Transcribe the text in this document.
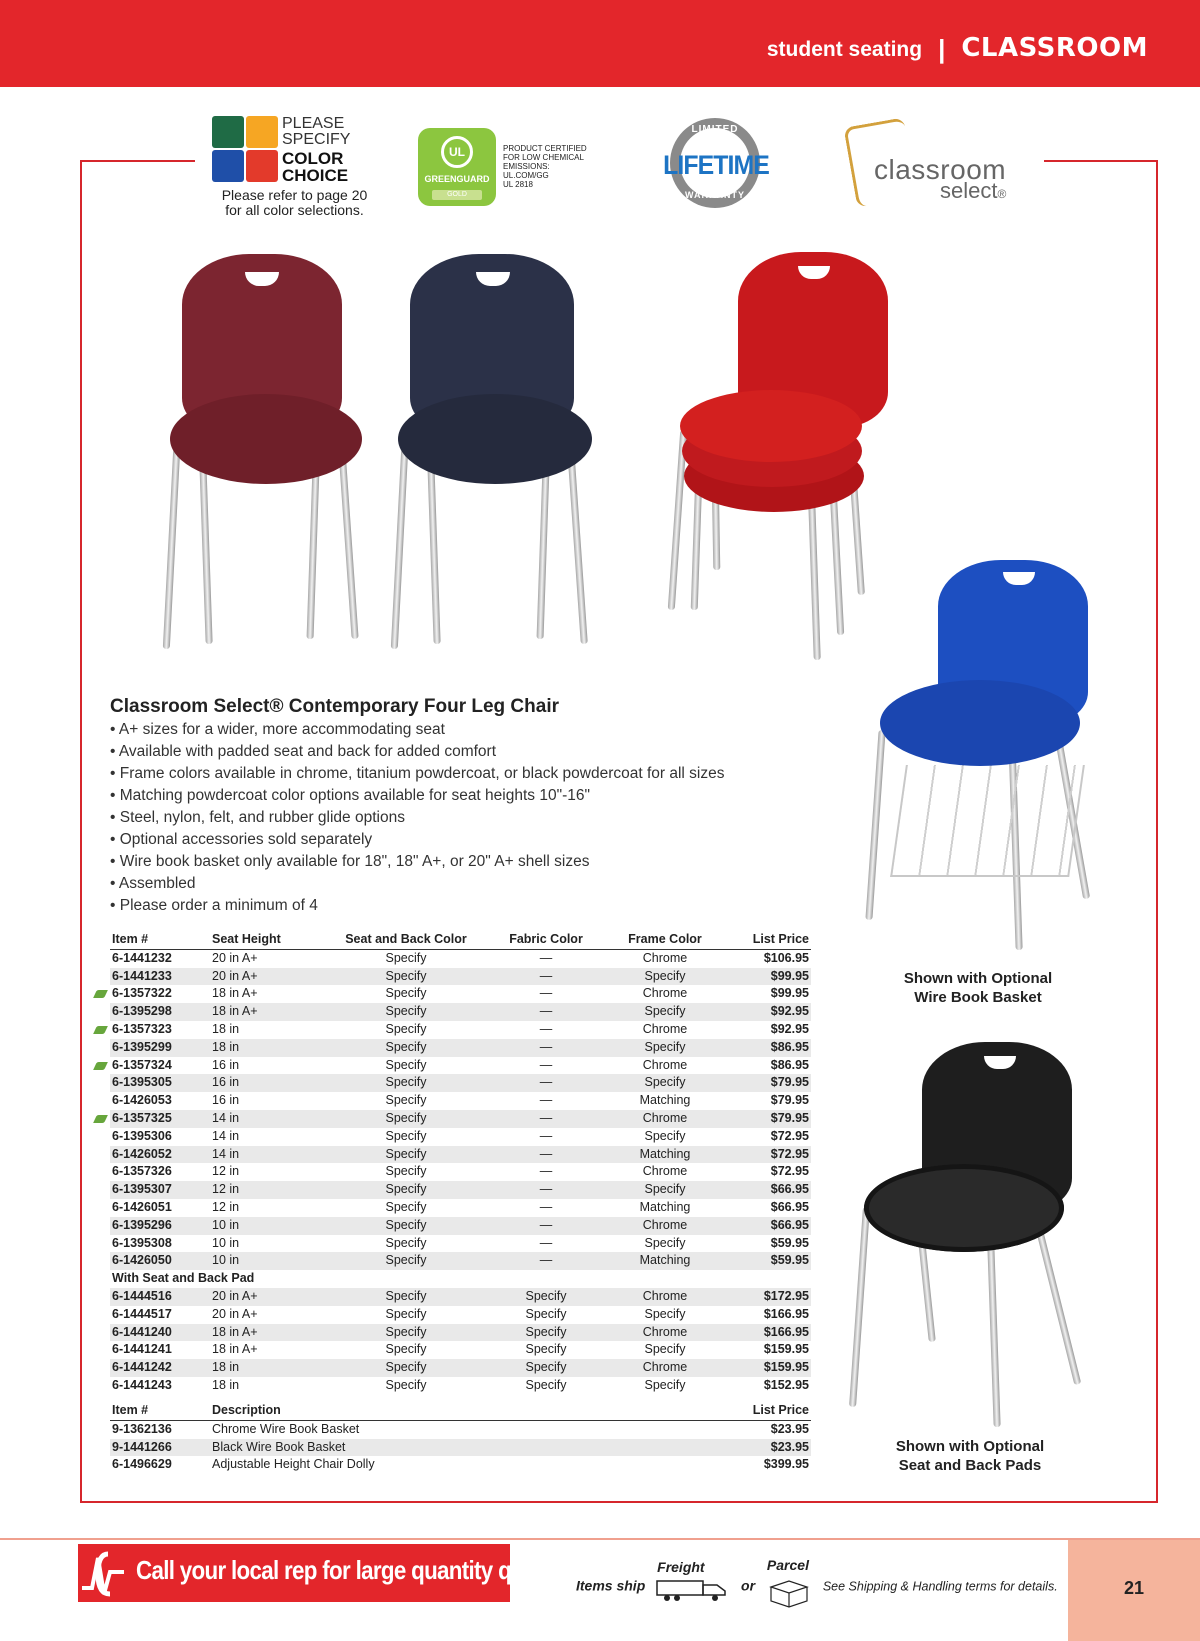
student seating | CLASSROOM
PLEASE
SPECIFY
COLOR
CHOICE
Please refer to page 20 for all color selections.
UL
GREENGUARD
GOLD
PRODUCT CERTIFIED
FOR LOW CHEMICAL
EMISSIONS:
UL.COM/GG
UL 2818
LIMITED
LIFETIME
WARRANTY
classroom
select®
Classroom Select® Contemporary Four Leg Chair
• A+ sizes for a wider, more accommodating seat
• Available with padded seat and back for added comfort
• Frame colors available in chrome, titanium powdercoat, or black powdercoat for all sizes
• Matching powdercoat color options available for seat heights 10"-16"
• Steel, nylon, felt, and rubber glide options
• Optional accessories sold separately
• Wire book basket only available for 18", 18" A+, or 20" A+ shell sizes
• Assembled
• Please order a minimum of 4
Item #	Seat Height	Seat and Back Color	Fabric Color	Frame Color	List Price
6-1441232	20 in A+	Specify	—	Chrome	$106.95
6-1441233	20 in A+	Specify	—	Specify	$99.95

6-1357322	18 in A+	Specify	—	Chrome	$99.95
6-1395298	18 in A+	Specify	—	Specify	$92.95

6-1357323	18 in	Specify	—	Chrome	$92.95
6-1395299	18 in	Specify	—	Specify	$86.95

6-1357324	16 in	Specify	—	Chrome	$86.95
6-1395305	16 in	Specify	—	Specify	$79.95
6-1426053	16 in	Specify	—	Matching	$79.95

6-1357325	14 in	Specify	—	Chrome	$79.95
6-1395306	14 in	Specify	—	Specify	$72.95
6-1426052	14 in	Specify	—	Matching	$72.95
6-1357326	12 in	Specify	—	Chrome	$72.95
6-1395307	12 in	Specify	—	Specify	$66.95
6-1426051	12 in	Specify	—	Matching	$66.95
6-1395296	10 in	Specify	—	Chrome	$66.95
6-1395308	10 in	Specify	—	Specify	$59.95
6-1426050	10 in	Specify	—	Matching	$59.95
With Seat and Back Pad					
6-1444516	20 in A+	Specify	Specify	Chrome	$172.95
6-1444517	20 in A+	Specify	Specify	Specify	$166.95
6-1441240	18 in A+	Specify	Specify	Chrome	$166.95
6-1441241	18 in A+	Specify	Specify	Specify	$159.95
6-1441242	18 in	Specify	Specify	Chrome	$159.95
6-1441243	18 in	Specify	Specify	Specify	$152.95
Item #	Description	List Price
9-1362136	Chrome Wire Book Basket	$23.95
9-1441266	Black Wire Book Basket	$23.95
6-1496629	Adjustable Height Chair Dolly	$399.95
Shown with Optional
Wire Book Basket
Shown with Optional
Seat and Back Pads
Call your local rep for large quantity quotes.
Items ship
Freight
or
Parcel
See Shipping & Handling terms for details.	21
